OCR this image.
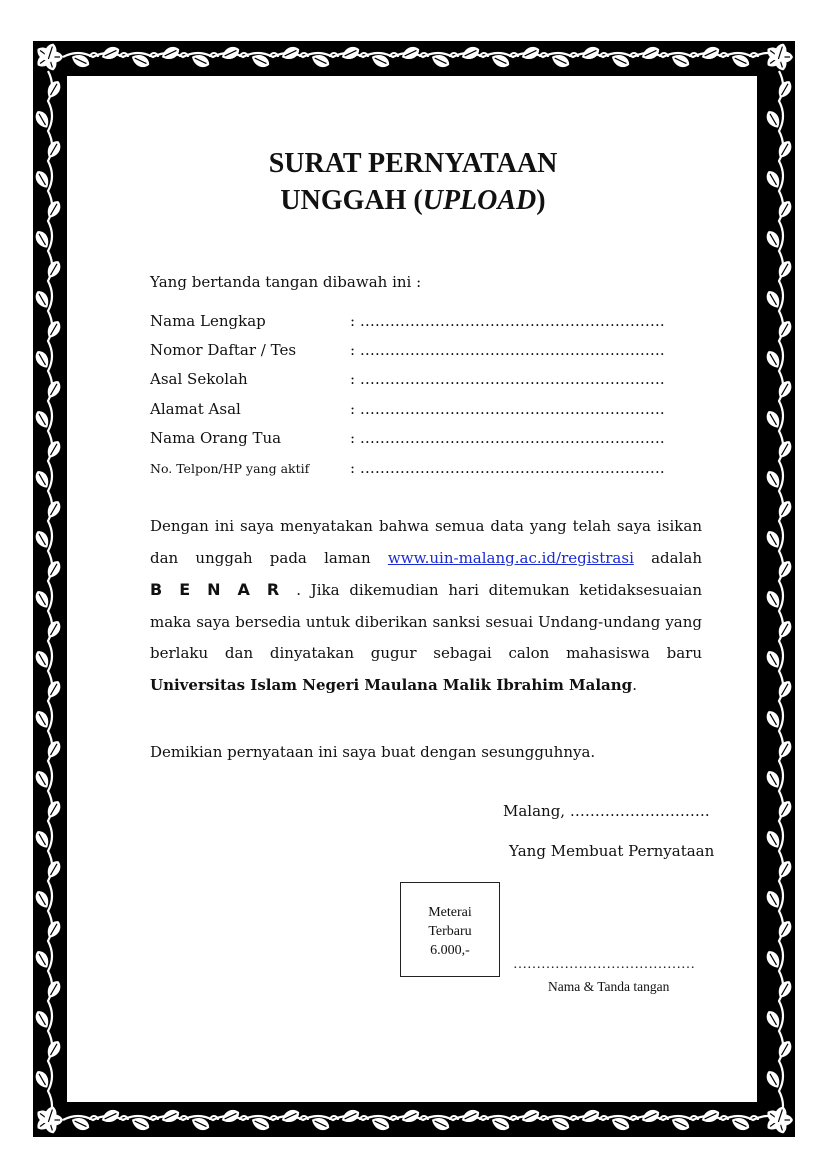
SURAT PERNYATAAN
UNGGAH (UPLOAD)
Yang bertanda tangan dibawah ini :
Nama Lengkap	: …………………………………………………….
Nomor Daftar / Tes	: …………………………………………………….
Asal Sekolah	: …………………………………………………….
Alamat Asal	: …………………………………………………….
Nama Orang Tua	: …………………………………………………….
No. Telpon/HP yang aktif	: …………………………………………………….
Dengan ini saya menyatakan bahwa semua data yang telah saya isikan dan unggah pada laman www.uin-malang.ac.id/registrasi adalah BENAR. Jika dikemudian hari ditemukan ketidaksesuaian maka saya bersedia untuk diberikan sanksi sesuai Undang-undang yang berlaku dan dinyatakan gugur sebagai calon mahasiswa baru Universitas Islam Negeri Maulana Malik Ibrahim Malang.
Demikian pernyataan ini saya buat dengan sesungguhnya.
Malang, ……………………….
Yang Membuat Pernyataan
Meterai
Terbaru
6.000,-
…………………………………
Nama & Tanda tangan
